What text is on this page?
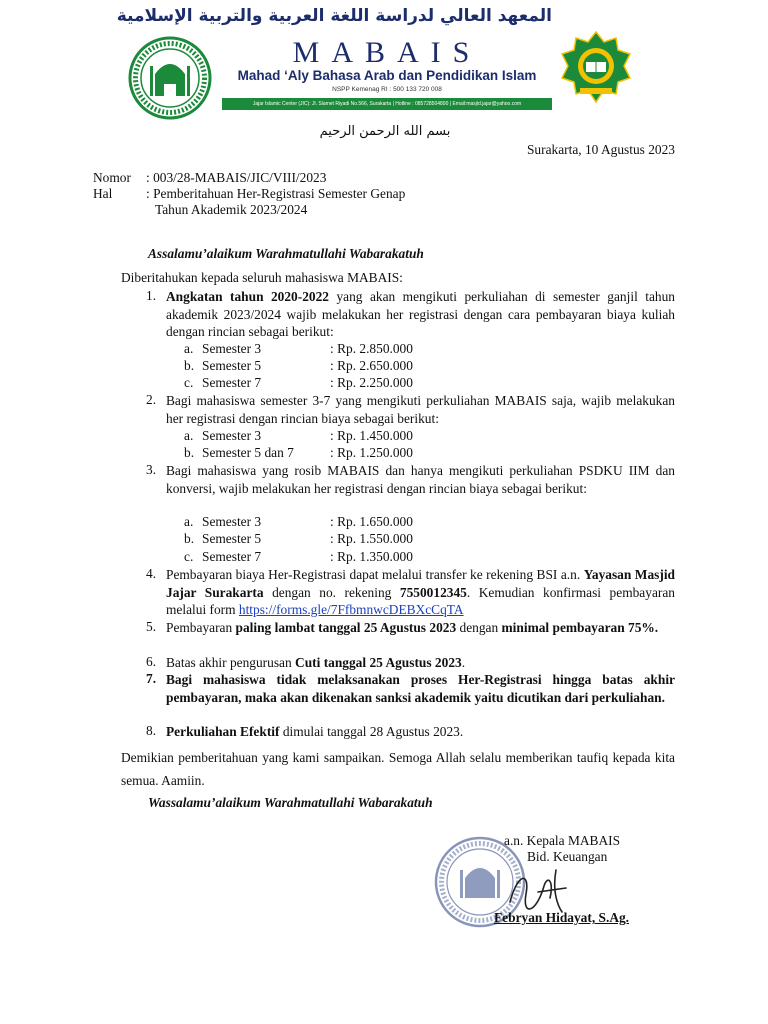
المعهد العالي لدراسة اللغة العربية والتربية الإسلامية
MABAIS
Mahad ‘Aly Bahasa Arab dan Pendidikan Islam
NSPP Kemenag RI : 500 133 720 008
Jajar Islamic Center (JIC): Jl. Slamet Riyadi No.566, Surakarta | Hotline : 085728504800 | Email:masjid.jajar@yahoo.com
بسم الله الرحمن الرحيم
Surakarta, 10 Agustus 2023
Nomor : 003/28-MABAIS/JIC/VIII/2023
Hal	: Pemberitahuan Her-Registrasi Semester Genap
Tahun Akademik 2023/2024
Assalamu’alaikum Warahmatullahi Wabarakatuh
Diberitahukan kepada seluruh mahasiswa MABAIS:
1. Angkatan tahun 2020-2022 yang akan mengikuti perkuliahan di semester ganjil tahun akademik 2023/2024 wajib melakukan her registrasi dengan cara pembayaran biaya kuliah dengan rincian sebagai berikut:
a. Semester 3	: Rp. 2.850.000
b. Semester 5	: Rp. 2.650.000
c. Semester 7	: Rp. 2.250.000
2. Bagi mahasiswa semester 3-7 yang mengikuti perkuliahan MABAIS saja, wajib melakukan her registrasi dengan rincian biaya sebagai berikut:
a. Semester 3	: Rp. 1.450.000
b. Semester 5 dan 7	: Rp. 1.250.000
3. Bagi mahasiswa yang rosib MABAIS dan hanya mengikuti perkuliahan PSDKU IIM dan konversi, wajib melakukan her registrasi dengan rincian biaya sebagai berikut:
a. Semester 3	: Rp. 1.650.000
b. Semester 5	: Rp. 1.550.000
c. Semester 7	: Rp. 1.350.000
4. Pembayaran biaya Her-Registrasi dapat melalui transfer ke rekening BSI a.n. Yayasan Masjid Jajar Surakarta dengan no. rekening 7550012345. Kemudian konfirmasi pembayaran melalui form https://forms.gle/7FfbmnwcDEBXcCqTA
5. Pembayaran paling lambat tanggal 25 Agustus 2023 dengan minimal pembayaran 75%.
6. Batas akhir pengurusan Cuti tanggal 25 Agustus 2023.
7. Bagi mahasiswa tidak melaksanakan proses Her-Registrasi hingga batas akhir pembayaran, maka akan dikenakan sanksi akademik yaitu dicutikan dari perkuliahan.
8. Perkuliahan Efektif dimulai tanggal 28 Agustus 2023.
Demikian pemberitahuan yang kami sampaikan. Semoga Allah selalu memberikan taufiq kepada kita semua. Aamiin.
Wassalamu’alaikum Warahmatullahi Wabarakatuh
a.n. Kepala MABAIS
Bid. Keuangan
Febryan Hidayat, S.Ag.
